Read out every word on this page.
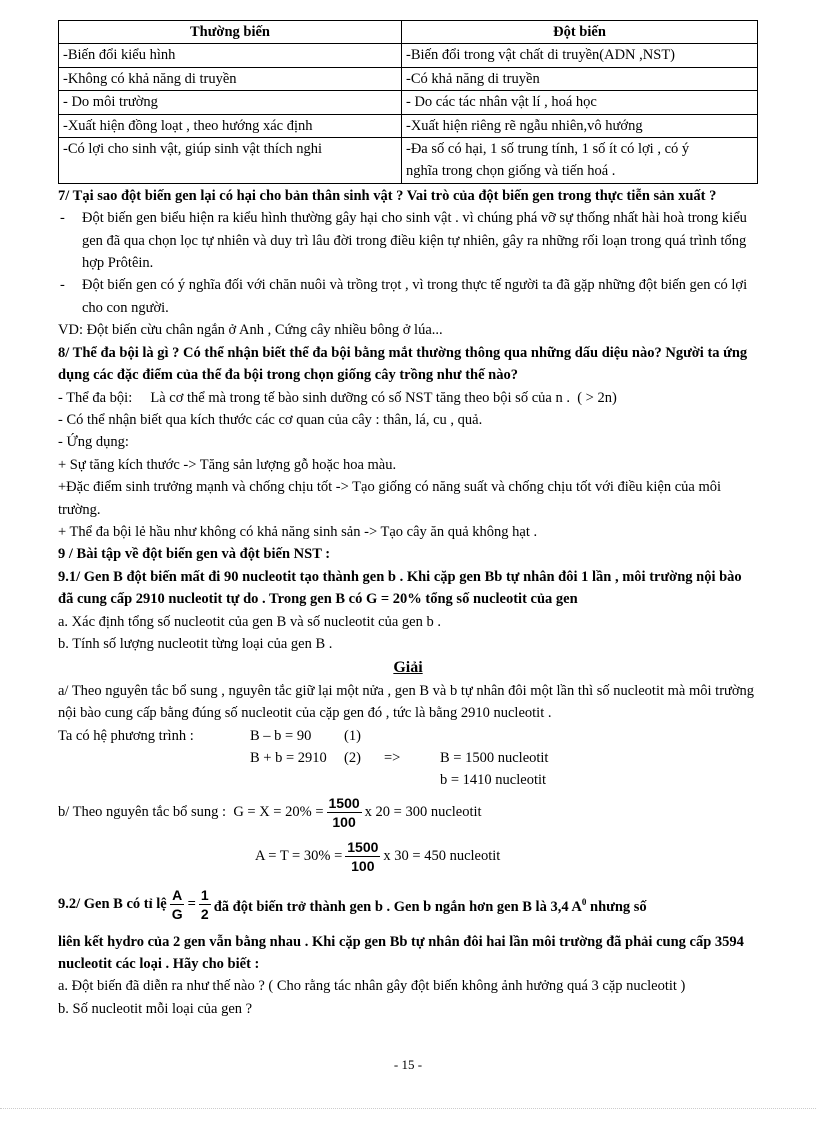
Thường biến	Đột biến

-Biến đổi kiểu hình	-Biến đổi trong vật chất di truyền(ADN ,NST)

-Không có khả năng di truyền	-Có khả năng di truyền

- Do môi trường	- Do các tác nhân vật lí , hoá học

-Xuất hiện đồng loạt , theo hướng xác định	-Xuất hiện riêng rẽ ngẫu nhiên,vô hướng

-Có lợi cho sinh vật, giúp sinh vật thích nghi	-Đa số có hại, 1 số trung tính, 1 số ít có lợi , có ý
nghĩa trong chọn giống và tiến hoá .

7/ Tại sao đột biến gen lại có hại cho bản thân sinh vật ? Vai trò của đột biến gen trong thực tiễn sản xuất ?

- Đột biến gen biểu hiện ra kiểu hình thường gây hại cho sinh vật . vì chúng phá vỡ sự thống nhất hài hoà trong kiểu gen đã qua chọn lọc tự nhiên và duy trì lâu đời trong điều kiện tự nhiên, gây ra những rối loạn trong quá trình tổng hợp Prôtêin.

- Đột biến gen có ý nghĩa đối với chăn nuôi và trồng trọt , vì trong thực tế người ta đã gặp những đột biến gen có lợi cho con người.

VD: Đột biến cừu chân ngắn ở Anh , Cứng cây nhiều bông ở lúa...

8/ Thể đa bội là gì ? Có thể nhận biết thể đa bội bằng mắt thường thông qua những dấu diệu nào? Người ta ứng dụng các đặc điểm của thể đa bội trong chọn giống cây trồng như thế nào?

- Thể đa bội:     Là cơ thể mà trong tế bào sinh dưỡng có số NST tăng theo bội số của n .  ( > 2n)

- Có thể nhận biết qua kích thước các cơ quan của cây : thân, lá, cu , quả.

- Ứng dụng:

+ Sự tăng kích thước -> Tăng sản lượng gỗ hoặc hoa màu.

+Đặc điểm sinh trưởng mạnh và chống chịu tốt -> Tạo giống có năng suất và chống chịu tốt với điều kiện của môi trường.

+ Thể đa bội lẻ hầu như không có khả năng sinh sản -> Tạo cây ăn quả không hạt .

9 / Bài tập về đột biến gen và đột biến NST :

9.1/ Gen B đột biến mất đi 90 nucleotit tạo thành gen b . Khi cặp gen Bb tự nhân đôi 1 lần , môi trường nội bào đã cung cấp 2910 nucleotit tự do . Trong gen B có G = 20% tổng số nucleotit của gen

a. Xác định tổng số nucleotit của gen B và số nucleotit của gen b .

b. Tính số lượng nucleotit từng loại của gen B .

Giải

a/ Theo nguyên tắc bổ sung , nguyên tắc giữ lại một nửa , gen B và b tự nhân đôi một lần thì số nucleotit mà môi trường nội bào cung cấp bằng đúng số nucleotit của cặp gen đó , tức là bằng 2910 nucleotit .

Ta có hệ phương trình :	B – b = 90 (1)
B + b = 2910 (2) =>	B = 1500 nucleotit
b = 1410 nucleotit
b/ Theo nguyên tắc bổ sung :  $G = X = 20\% = \frac{1500}{100}$ x 20 = 300 nucleotit
$A = T = 30\% = \frac{1500}{100}$ x 30 = 450 nucleotit
9.2/ Gen B có tỉ lệ $\frac{A}{G} = \frac{1}{2}$ đã đột biến trở thành gen b . Gen b ngắn hơn gen B là 3,4 $A^0$ nhưng số

liên kết hydro của 2 gen vẫn bằng nhau . Khi cặp gen Bb tự nhân đôi hai lần môi trường đã phải cung cấp 3594 nucleotit các loại . Hãy cho biết :

a. Đột biến đã diễn ra như thế nào ? ( Cho rằng tác nhân gây đột biến không ảnh hưởng quá 3 cặp nucleotit )

b. Số nucleotit mỗi loại của gen ?

- 15 -
